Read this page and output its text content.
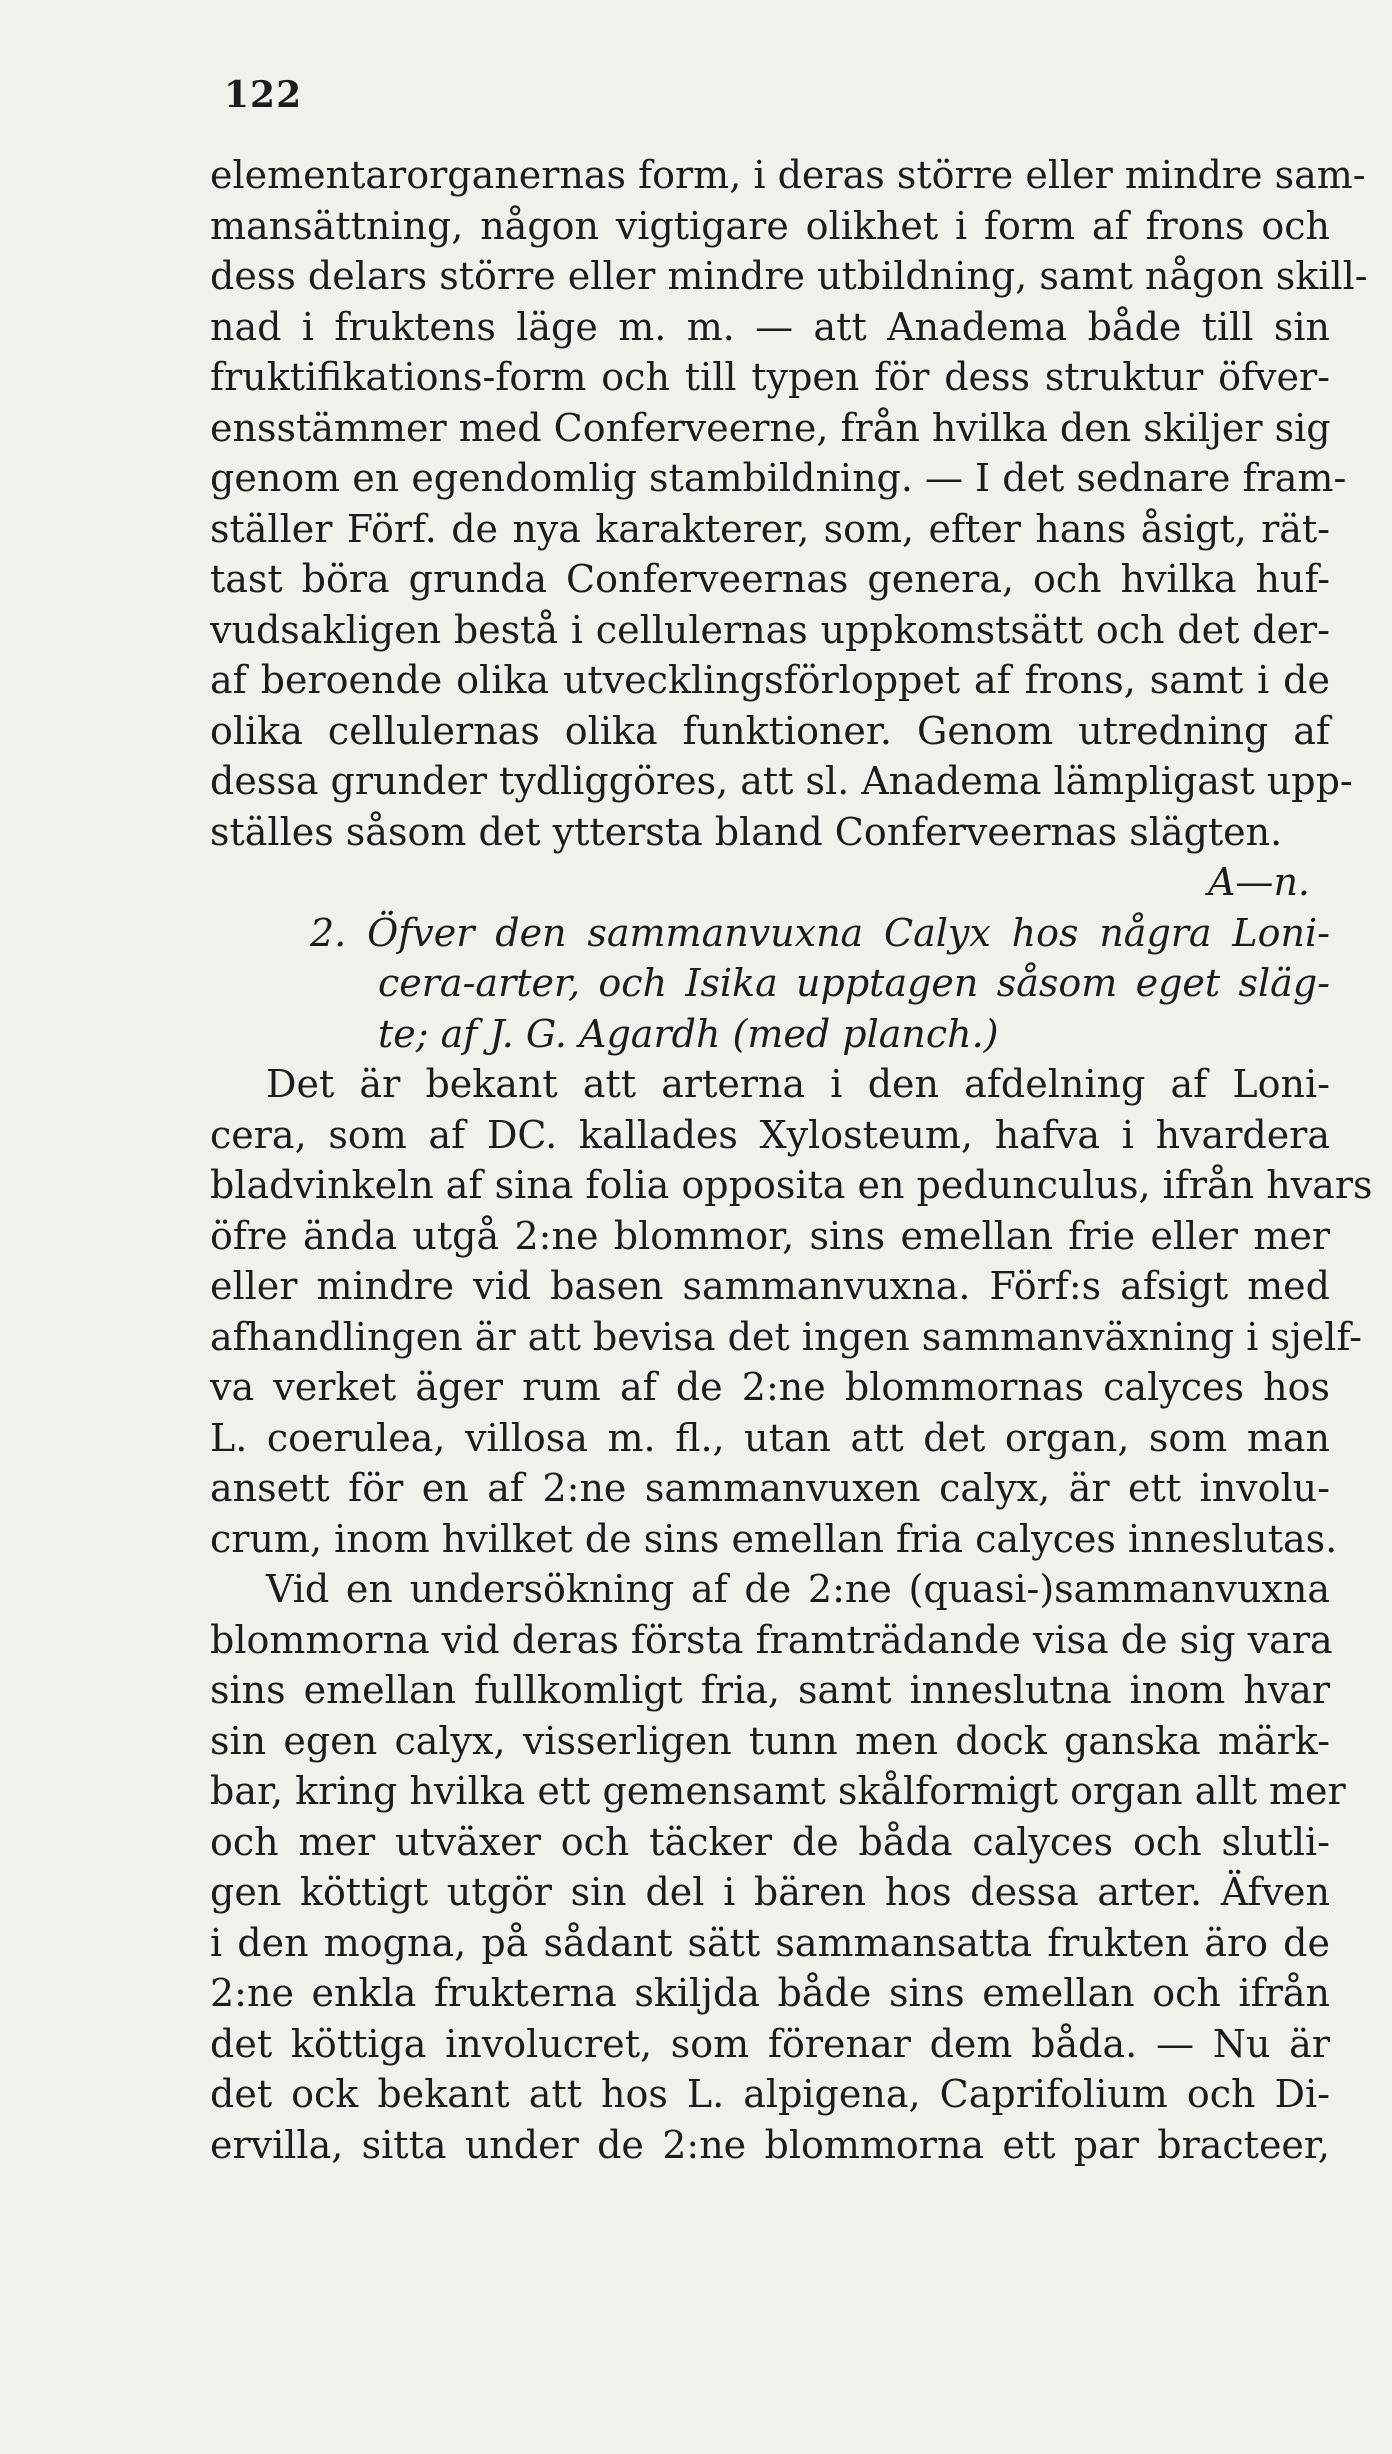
122
elementarorganernas form, i deras större eller mindre sam-
mansättning, någon vigtigare olikhet i form af frons och
dess delars större eller mindre utbildning, samt någon skill-
nad i fruktens läge m. m. — att Anadema både till sin
fruktifikations-form och till typen för dess struktur öfver-
ensstämmer med Conferveerne, från hvilka den skiljer sig
genom en egendomlig stambildning. — I det sednare fram-
ställer Förf. de nya karakterer, som, efter hans åsigt, rät-
tast böra grunda Conferveernas genera, och hvilka huf-
vudsakligen bestå i cellulernas uppkomstsätt och det der-
af beroende olika utvecklingsförloppet af frons, samt i de
olika cellulernas olika funktioner. Genom utredning af
dessa grunder tydliggöres, att sl. Anadema lämpligast upp-
ställes såsom det yttersta bland Conferveernas slägten.
A—n.
2. Öfver den sammanvuxna Calyx hos några Loni-
cera-arter, och Isika upptagen såsom eget släg-
te; af J. G. Agardh (med planch.)
Det är bekant att arterna i den afdelning af Loni-
cera, som af DC. kallades Xylosteum, hafva i hvardera
bladvinkeln af sina folia opposita en pedunculus, ifrån hvars
öfre ända utgå 2:ne blommor, sins emellan frie eller mer
eller mindre vid basen sammanvuxna. Förf:s afsigt med
afhandlingen är att bevisa det ingen sammanväxning i sjelf-
va verket äger rum af de 2:ne blommornas calyces hos
L. coerulea, villosa m. fl., utan att det organ, som man
ansett för en af 2:ne sammanvuxen calyx, är ett involu-
crum, inom hvilket de sins emellan fria calyces inneslutas.
Vid en undersökning af de 2:ne (quasi-)sammanvuxna
blommorna vid deras första framträdande visa de sig vara
sins emellan fullkomligt fria, samt inneslutna inom hvar
sin egen calyx, visserligen tunn men dock ganska märk-
bar, kring hvilka ett gemensamt skålformigt organ allt mer
och mer utväxer och täcker de båda calyces och slutli-
gen köttigt utgör sin del i bären hos dessa arter. Äfven
i den mogna, på sådant sätt sammansatta frukten äro de
2:ne enkla frukterna skiljda både sins emellan och ifrån
det köttiga involucret, som förenar dem båda. — Nu är
det ock bekant att hos L. alpigena, Caprifolium och Di-
ervilla, sitta under de 2:ne blommorna ett par bracteer,
